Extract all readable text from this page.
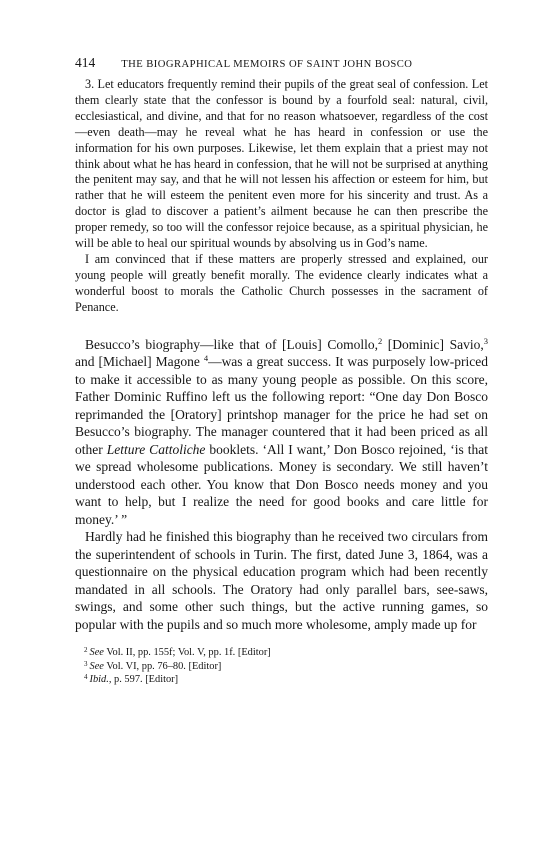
414 THE BIOGRAPHICAL MEMOIRS OF SAINT JOHN BOSCO

3. Let educators frequently remind their pupils of the great seal of confession. Let them clearly state that the confessor is bound by a fourfold seal: natural, civil, ecclesiastical, and divine, and that for no reason whatsoever, regardless of the cost—even death—may he reveal what he has heard in confession or use the information for his own purposes. Likewise, let them explain that a priest may not think about what he has heard in confession, that he will not be surprised at anything the penitent may say, and that he will not lessen his affection or esteem for him, but rather that he will esteem the penitent even more for his sincerity and trust. As a doctor is glad to discover a patient’s ailment because he can then prescribe the proper remedy, so too will the confessor rejoice because, as a spiritual physician, he will be able to heal our spiritual wounds by absolving us in God’s name.

I am convinced that if these matters are properly stressed and explained, our young people will greatly benefit morally. The evidence clearly indicates what a wonderful boost to morals the Catholic Church possesses in the sacrament of Penance.

Besucco’s biography—like that of [Louis] Comollo,$^2$ [Dominic] Savio,$^3$ and [Michael] Magone $^4$—was a great success. It was purposely low-priced to make it accessible to as many young people as possible. On this score, Father Dominic Ruffino left us the following report: “One day Don Bosco reprimanded the [Oratory] printshop manager for the price he had set on Besucco’s biography. The manager countered that it had been priced as all other Letture Cattoliche booklets. ‘All I want,’ Don Bosco rejoined, ‘is that we spread wholesome publications. Money is secondary. We still haven’t understood each other. You know that Don Bosco needs money and you want to help, but I realize the need for good books and care little for money.’ ”

Hardly had he finished this biography than he received two circulars from the superintendent of schools in Turin. The first, dated June 3, 1864, was a questionnaire on the physical education program which had been recently mandated in all schools. The Oratory had only parallel bars, see-saws, swings, and some other such things, but the active running games, so popular with the pupils and so much more wholesome, amply made up for

$^2$ See Vol. II, pp. 155f; Vol. V, pp. 1f. [Editor]

$^3$ See Vol. VI, pp. 76–80. [Editor]

$^4$ Ibid., p. 597. [Editor]
